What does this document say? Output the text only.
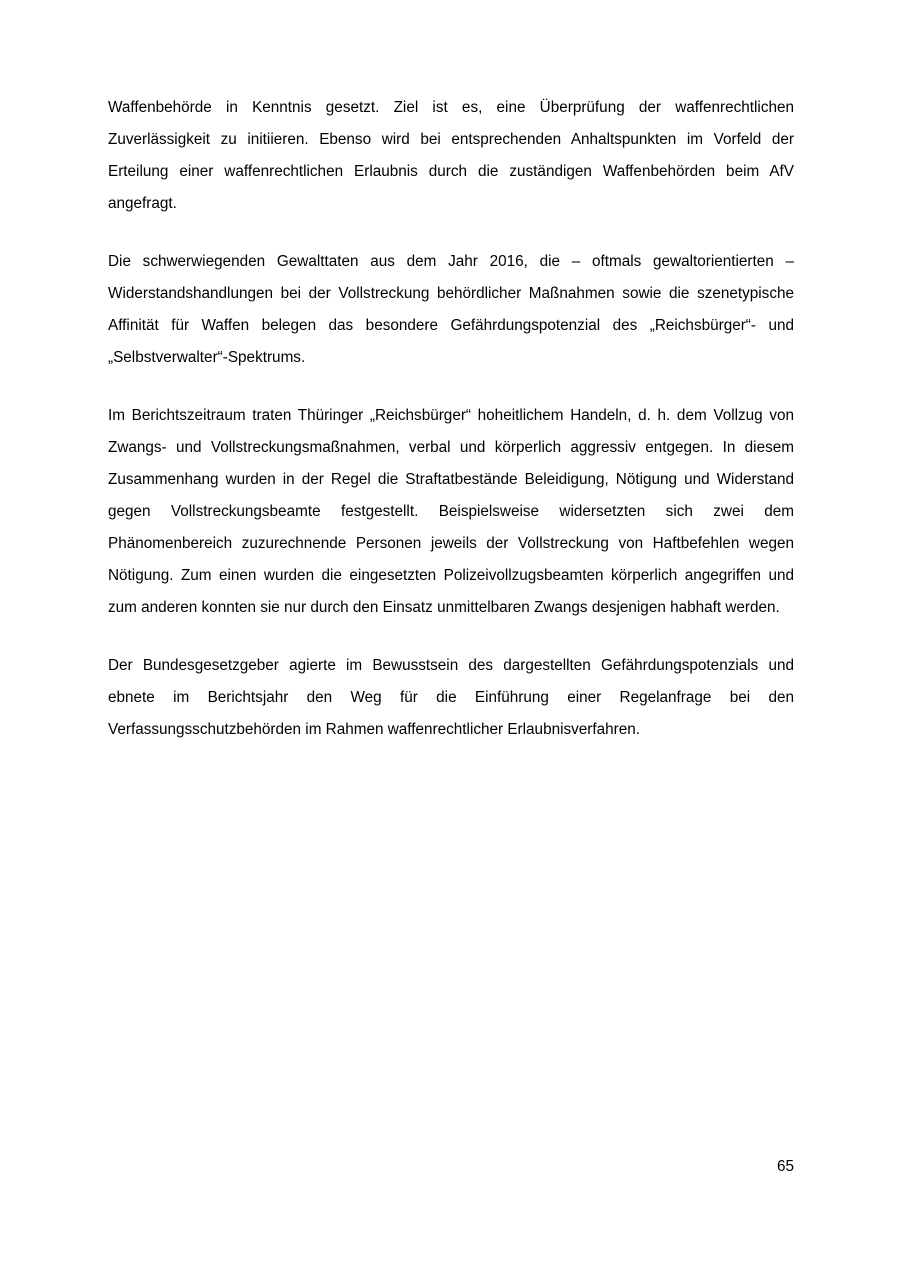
Waffenbehörde in Kenntnis gesetzt. Ziel ist es, eine Überprüfung der waffenrechtlichen Zuverlässigkeit zu initiieren. Ebenso wird bei entsprechenden Anhaltspunkten im Vorfeld der Erteilung einer waffenrechtlichen Erlaubnis durch die zuständigen Waffenbehörden beim AfV angefragt.

Die schwerwiegenden Gewalttaten aus dem Jahr 2016, die – oftmals gewaltorientierten – Widerstandshandlungen bei der Vollstreckung behördlicher Maßnahmen sowie die szenetypische Affinität für Waffen belegen das besondere Gefährdungspotenzial des „Reichsbürger“- und „Selbstverwalter“-Spektrums.

Im Berichtszeitraum traten Thüringer „Reichsbürger“ hoheitlichem Handeln, d. h. dem Vollzug von Zwangs- und Vollstreckungsmaßnahmen, verbal und körperlich aggressiv entgegen. In diesem Zusammenhang wurden in der Regel die Straftatbestände Beleidigung, Nötigung und Widerstand gegen Vollstreckungsbeamte festgestellt. Beispielsweise widersetzten sich zwei dem Phänomenbereich zuzurechnende Personen jeweils der Vollstreckung von Haftbefehlen wegen Nötigung. Zum einen wurden die eingesetzten Polizeivollzugsbeamten körperlich angegriffen und zum anderen konnten sie nur durch den Einsatz unmittelbaren Zwangs desjenigen habhaft werden.

Der Bundesgesetzgeber agierte im Bewusstsein des dargestellten Gefährdungspotenzials und ebnete im Berichtsjahr den Weg für die Einführung einer Regelanfrage bei den Verfassungsschutzbehörden im Rahmen waffenrechtlicher Erlaubnisverfahren.

65
